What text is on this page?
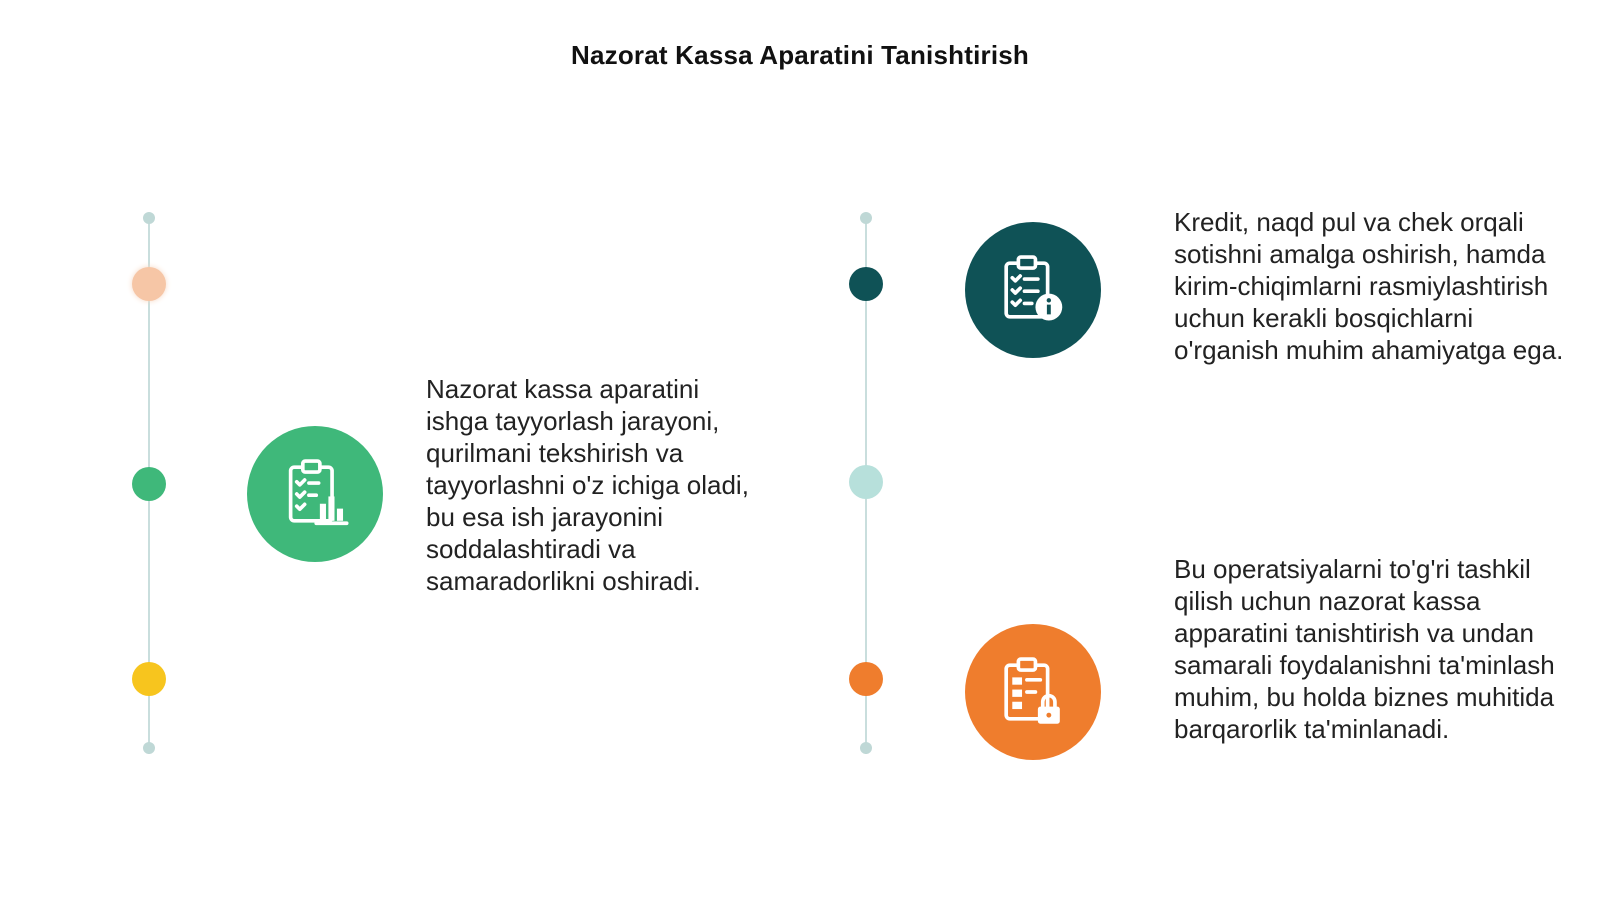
Nazorat Kassa Aparatini Tanishtirish
Nazorat kassa aparatini ishga tayyorlash jarayoni, qurilmani tekshirish va tayyorlashni o'z ichiga oladi, bu esa ish jarayonini soddalashtiradi va samaradorlikni oshiradi.
Kredit, naqd pul va chek orqali sotishni amalga oshirish, hamda kirim-chiqimlarni rasmiylashtirish uchun kerakli bosqichlarni o'rganish muhim ahamiyatga ega.
Bu operatsiyalarni to'g'ri tashkil qilish uchun nazorat kassa apparatini tanishtirish va undan samarali foydalanishni ta'minlash muhim, bu holda biznes muhitida barqarorlik ta'minlanadi.
